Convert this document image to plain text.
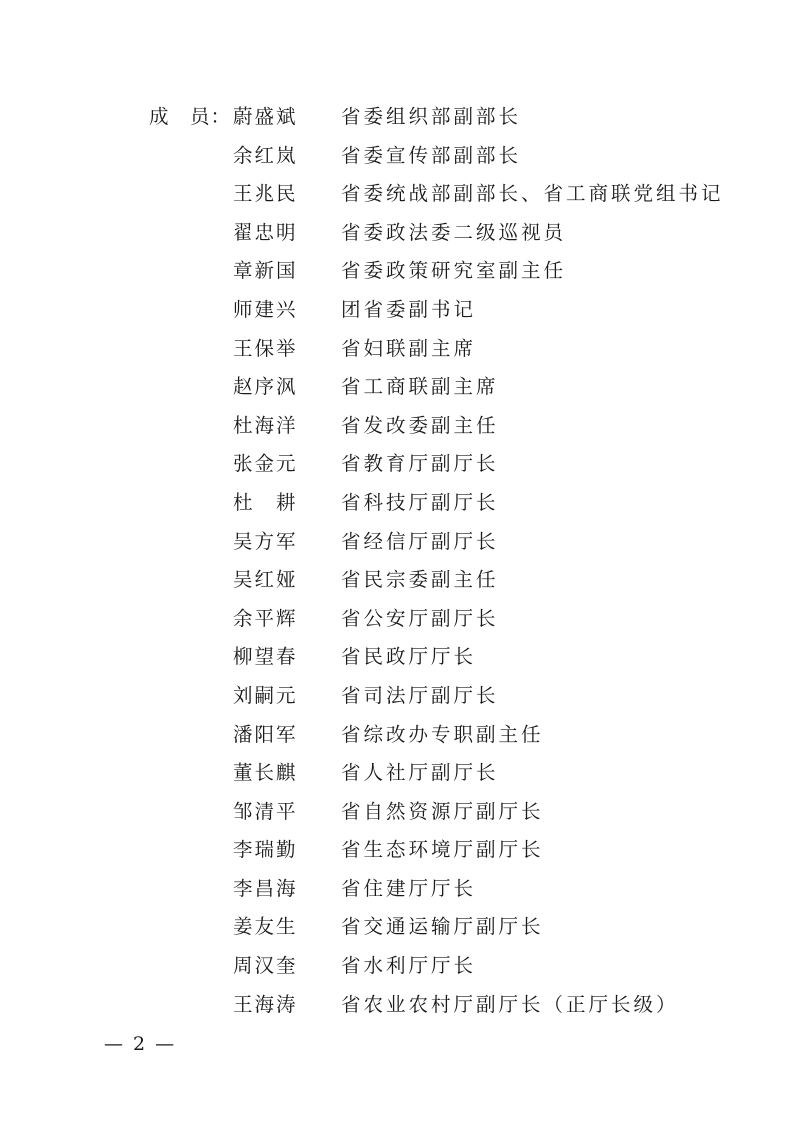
成　员： 蔚盛斌 省委组织部副部长
余红岚 省委宣传部副部长
王兆民 省委统战部副部长、省工商联党组书记
翟忠明 省委政法委二级巡视员
章新国 省委政策研究室副主任
师建兴 团省委副书记
王保举 省妇联副主席
赵序沨 省工商联副主席
杜海洋 省发改委副主任
张金元 省教育厅副厅长
杜　耕 省科技厅副厅长
吴方军 省经信厅副厅长
吴红娅 省民宗委副主任
余平辉 省公安厅副厅长
柳望春 省民政厅厅长
刘嗣元 省司法厅副厅长
潘阳军 省综改办专职副主任
董长麒 省人社厅副厅长
邹清平 省自然资源厅副厅长
李瑞勤 省生态环境厅副厅长
李昌海 省住建厅厅长
姜友生 省交通运输厅副厅长
周汉奎 省水利厅厅长
王海涛 省农业农村厅副厅长（正厅长级）
— 2 —
